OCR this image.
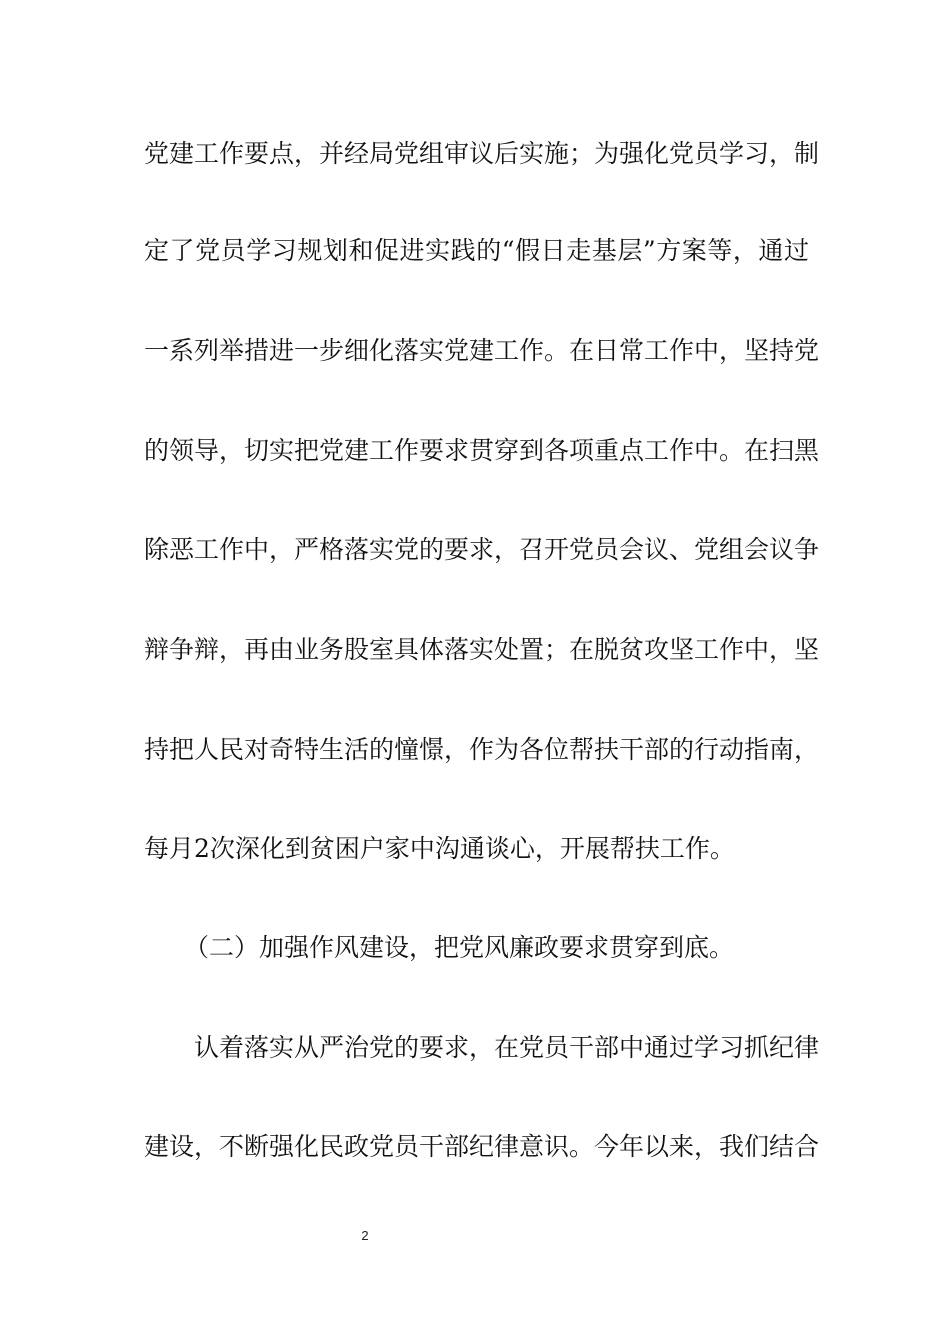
党建工作要点，并经局党组审议后实施；为强化党员学习，制
定了党员学习规划和促进实践的“假日走基层”方案等，通过
一系列举措进一步细化落实党建工作。在日常工作中，坚持党
的领导，切实把党建工作要求贯穿到各项重点工作中。在扫黑
除恶工作中，严格落实党的要求，召开党员会议、党组会议争
辩争辩，再由业务股室具体落实处置；在脱贫攻坚工作中，坚
持把人民对奇特生活的憧憬，作为各位帮扶干部的行动指南，
每月2次深化到贫困户家中沟通谈心，开展帮扶工作。
（二）加强作风建设，把党风廉政要求贯穿到底。
认着落实从严治党的要求，在党员干部中通过学习抓纪律
建设，不断强化民政党员干部纪律意识。今年以来，我们结合
2
